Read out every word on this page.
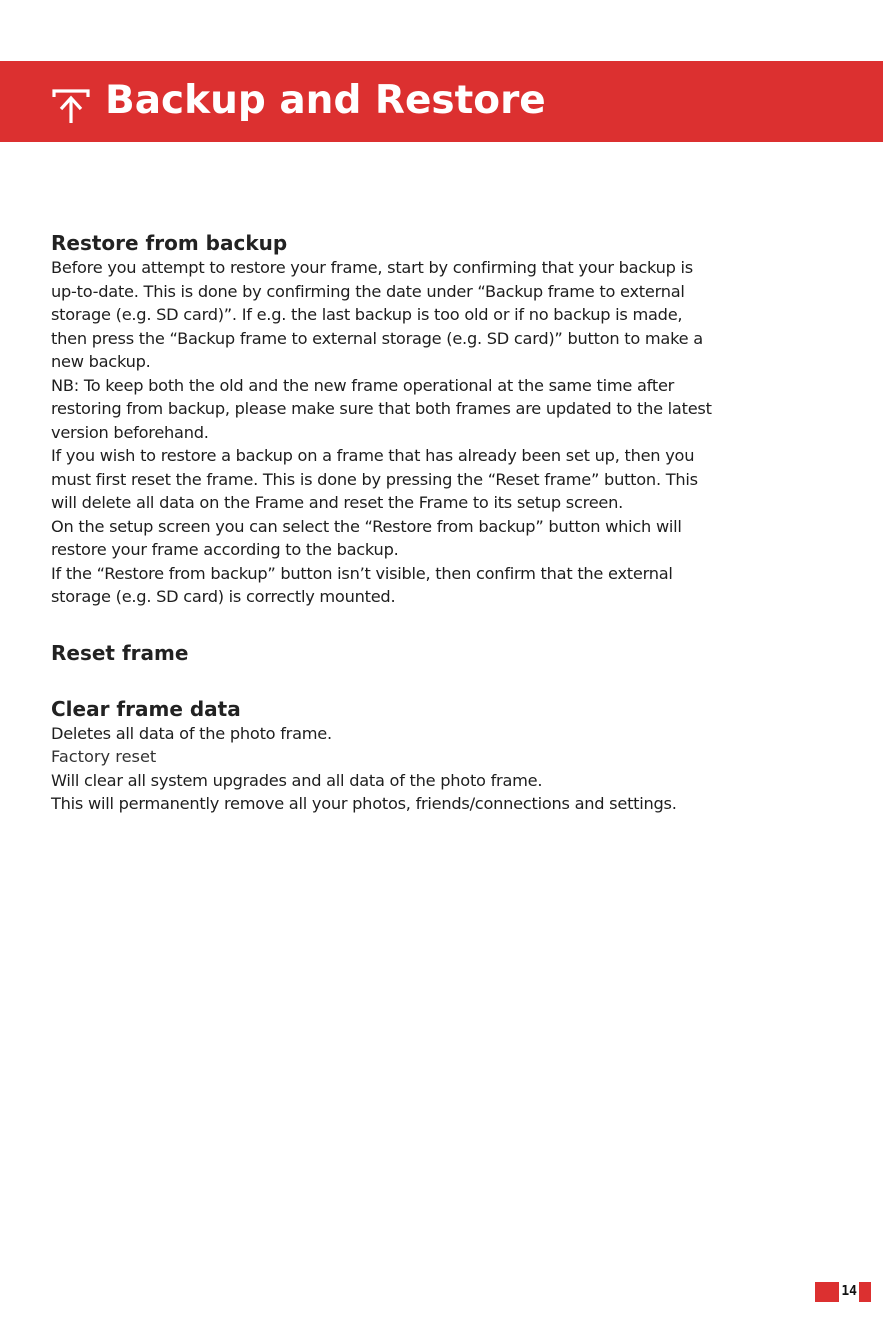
Backup and Restore
Restore from backup

Before you attempt to restore your frame, start by confirming that your backup is

up-to-date. This is done by confirming the date under “Backup frame to external

storage (e.g. SD card)”. If e.g. the last backup is too old or if no backup is made,

then press the “Backup frame to external storage (e.g. SD card)” button to make a

new backup.

NB: To keep both the old and the new frame operational at the same time after

restoring from backup, please make sure that both frames are updated to the latest

version beforehand.

If you wish to restore a backup on a frame that has already been set up, then you

must first reset the frame. This is done by pressing the “Reset frame” button. This

will delete all data on the Frame and reset the Frame to its setup screen.

On the setup screen you can select the “Restore from backup” button which will

restore your frame according to the backup.

If the “Restore from backup” button isn’t visible, then confirm that the external

storage (e.g. SD card) is correctly mounted.

Reset frame
Clear frame data

Deletes all data of the photo frame.

Factory reset

Will clear all system upgrades and all data of the photo frame.

This will permanently remove all your photos, friends/connections and settings.

14
